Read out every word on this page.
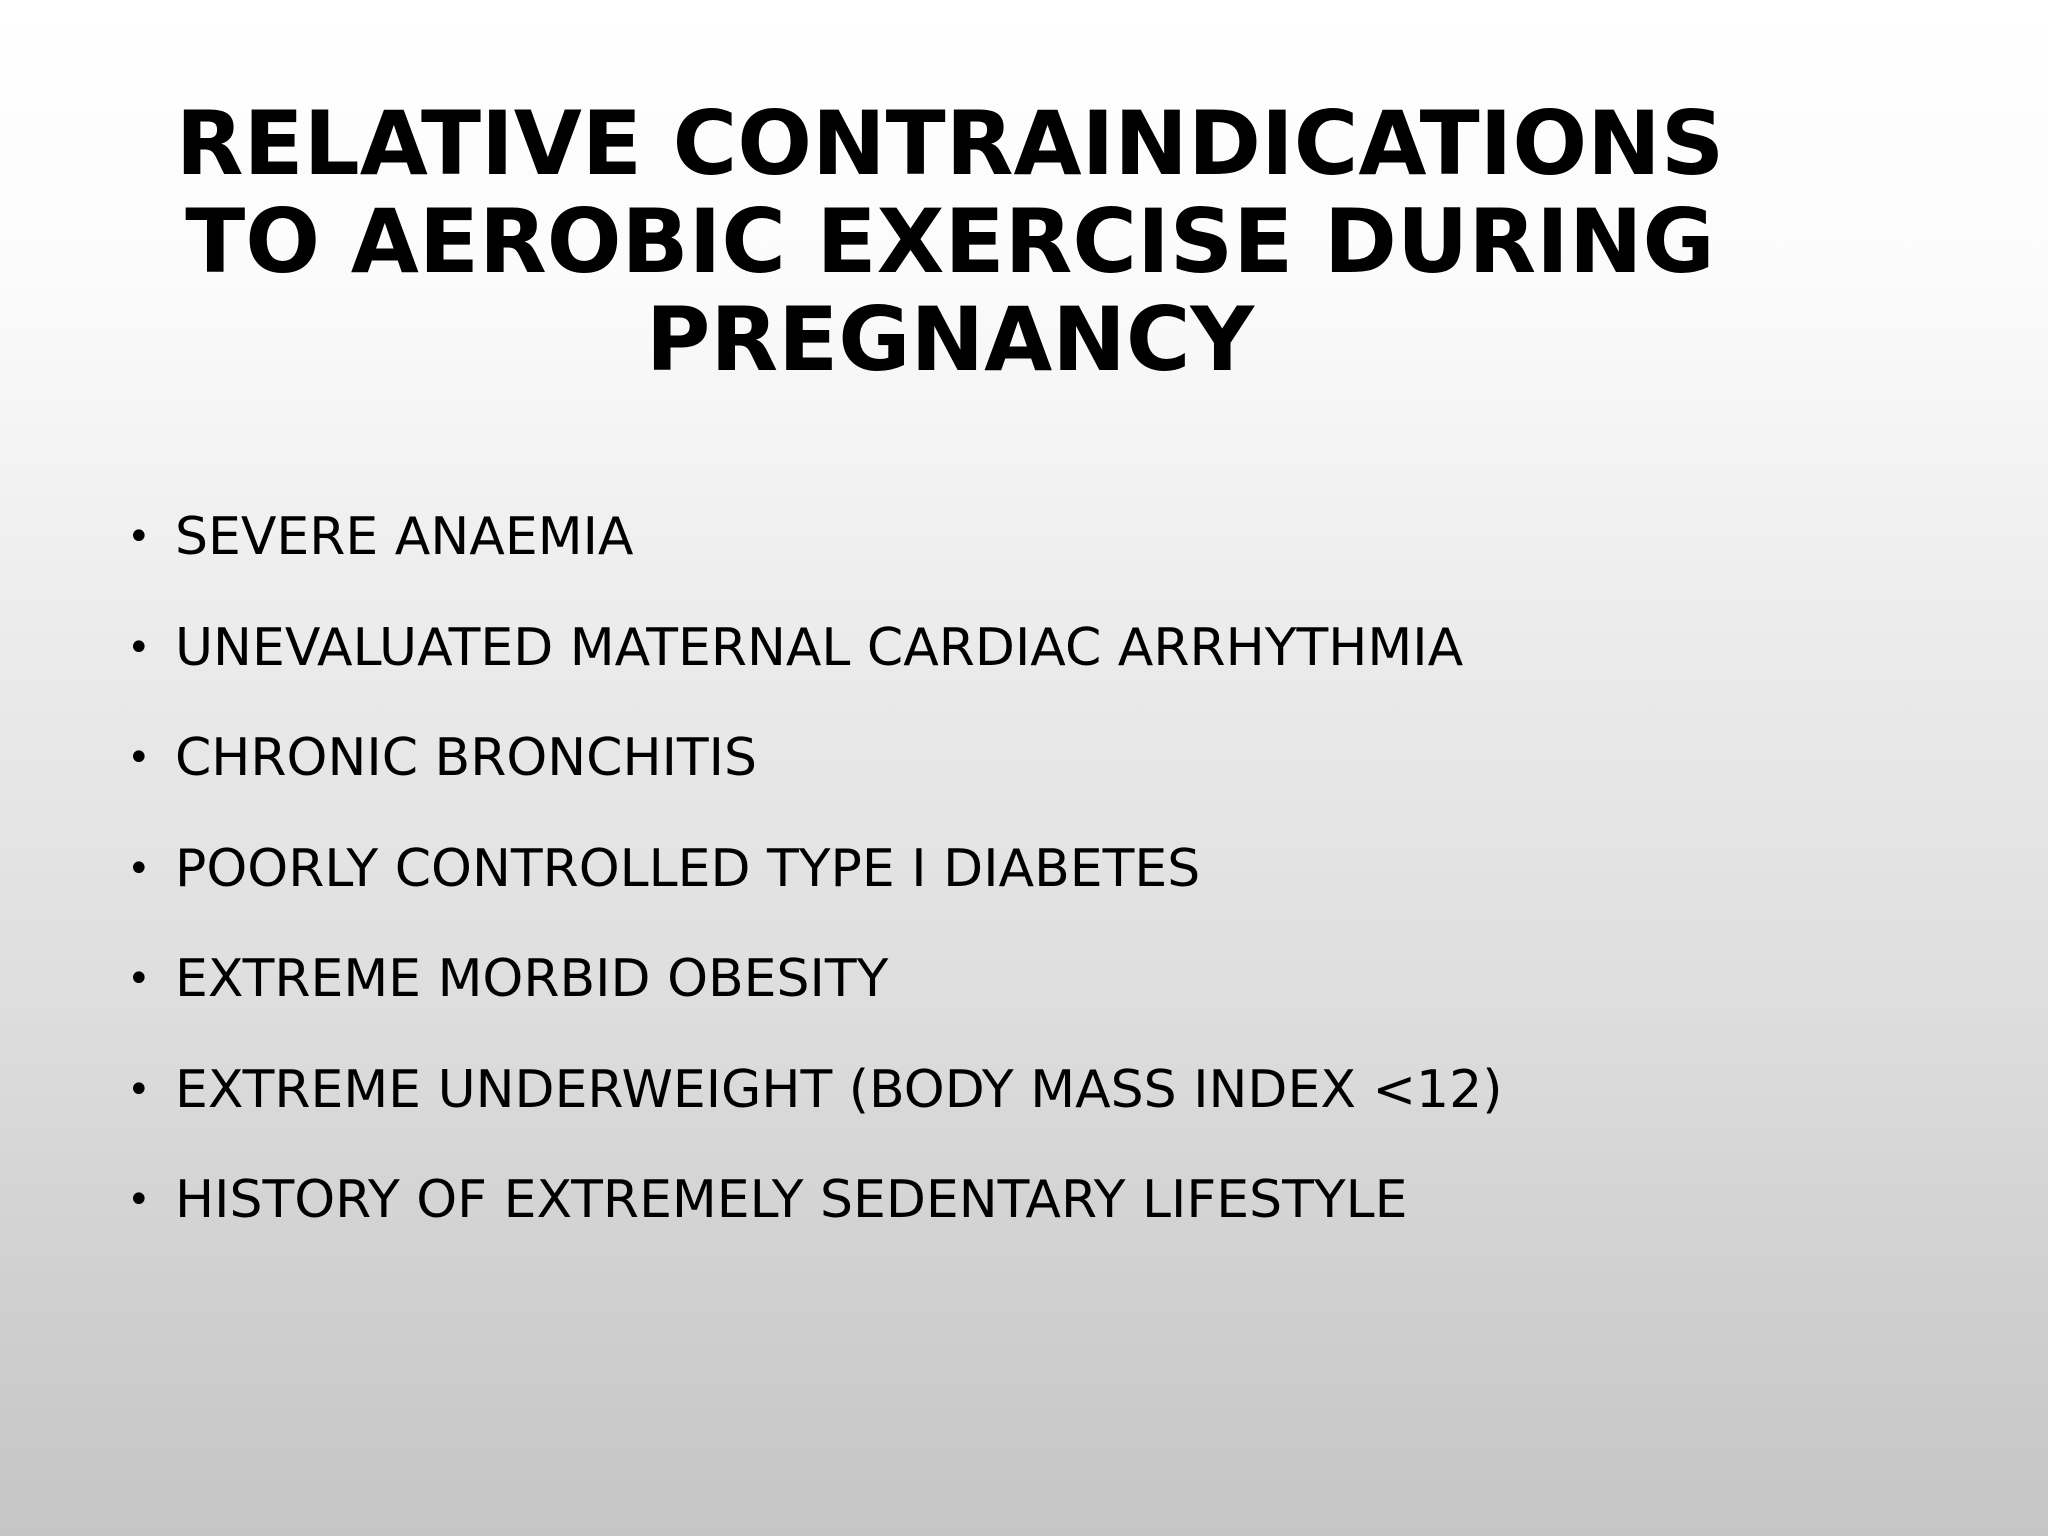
RELATIVE CONTRAINDICATIONS
TO AEROBIC EXERCISE DURING
PREGNANCY
• SEVERE ANAEMIA
• UNEVALUATED MATERNAL CARDIAC ARRHYTHMIA
• CHRONIC BRONCHITIS
• POORLY CONTROLLED TYPE I DIABETES
• EXTREME MORBID OBESITY
• EXTREME UNDERWEIGHT (BODY MASS INDEX <12)
• HISTORY OF EXTREMELY SEDENTARY LIFESTYLE
